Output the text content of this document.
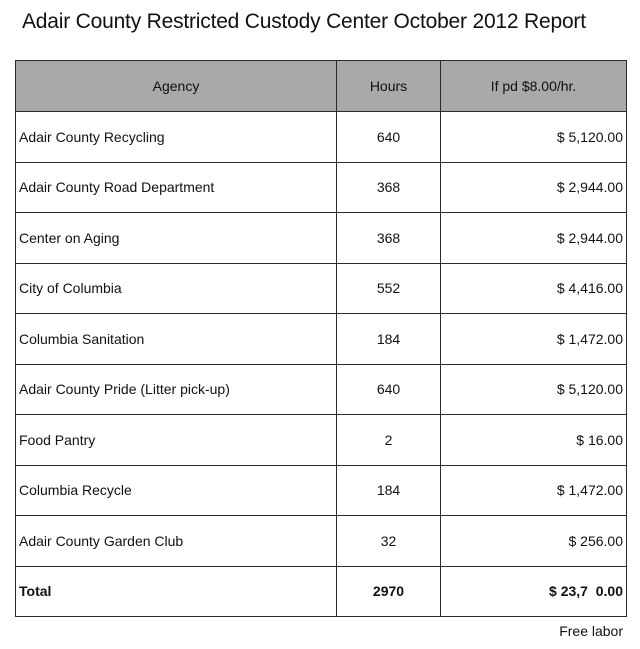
Adair County Restricted Custody Center October 2012 Report
Agency	Hours	If pd $8.00/hr.
Adair County Recycling	640	$ 5,120.00
Adair County Road Department	368	$ 2,944.00
Center on Aging	368	$ 2,944.00
City of Columbia	552	$ 4,416.00
Columbia Sanitation	184	$ 1,472.00
Adair County Pride (Litter pick-up)	640	$ 5,120.00
Food Pantry	2	$ 16.00
Columbia Recycle	184	$ 1,472.00
Adair County Garden Club	32	$ 256.00
Total	2970	$ 23,7  0.00
Free labor
